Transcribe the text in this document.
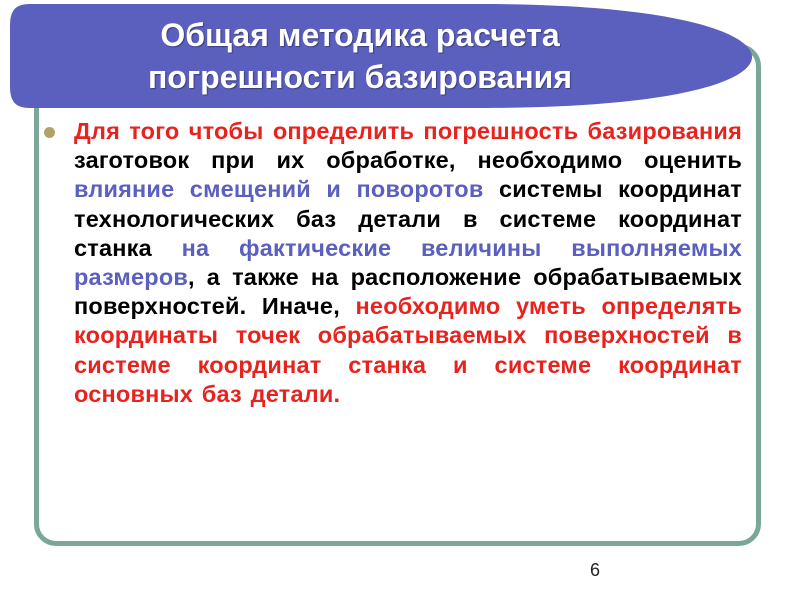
Общая методика расчета
погрешности базирования

Для того чтобы определить погрешность базирования заготовок при их обработке, необходимо оценить влияние смещений и поворотов системы координат технологических баз детали в системе координат станка на фактические величины выполняемых размеров, а также на расположение обрабатываемых поверхностей. Иначе, необходимо уметь определять координаты точек обрабатываемых поверхностей в системе координат станка и системе координат основных баз детали.

6
